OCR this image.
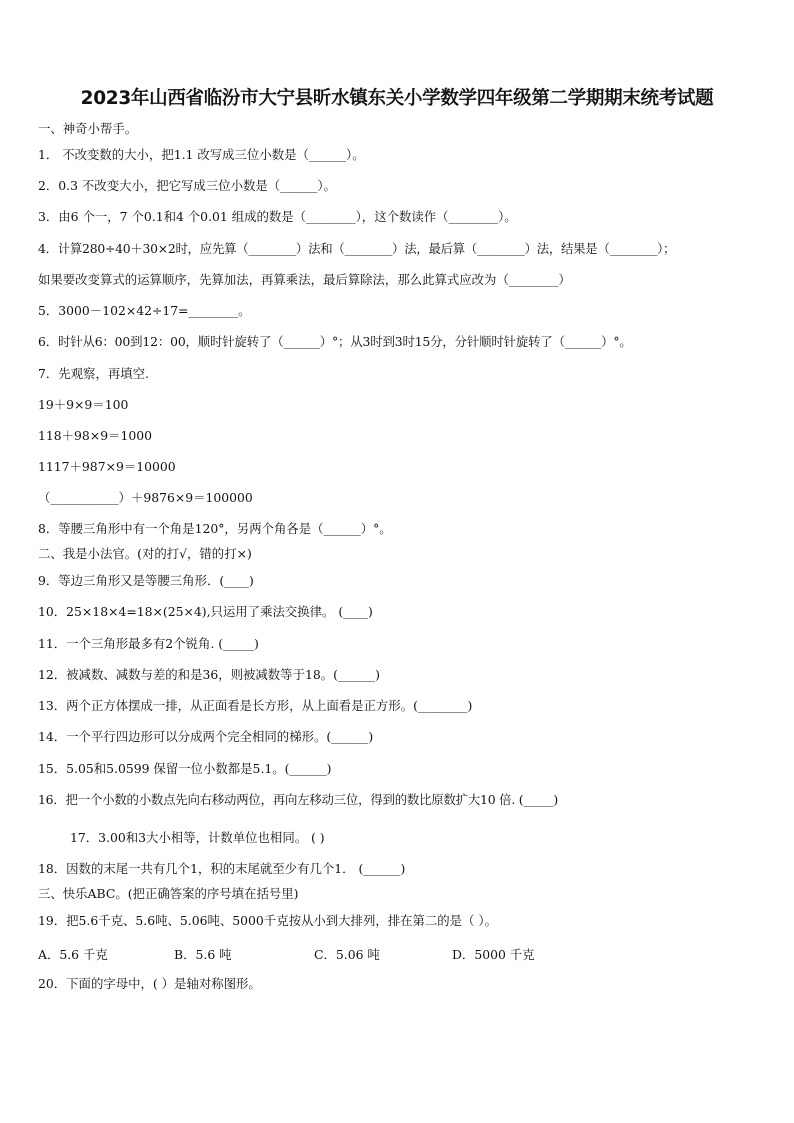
2023年山西省临汾市大宁县昕水镇东关小学数学四年级第二学期期末统考试题
一、神奇小帮手。
1． 不改变数的大小，把1.1 改写成三位小数是（______）。
2．0.3 不改变大小，把它写成三位小数是（______）。
3．由6 个一，7 个0.1和4 个0.01 组成的数是（________），这个数读作（________）。
4．计算280÷40＋30×2时，应先算（________）法和（________）法，最后算（________）法，结果是（________）；
如果要改变算式的运算顺序，先算加法，再算乘法，最后算除法，那么此算式应改为（________）
5．3000－102×42÷17=________。
6．时针从6：00到12：00，顺时针旋转了（______）°；从3时到3时15分，分针顺时针旋转了（______）°。
7．先观察，再填空.
19＋9×9＝100
118＋98×9＝1000
1117＋987×9＝10000
（___________）＋9876×9＝100000
8．等腰三角形中有一个角是120°，另两个角各是（______）°。
二、我是小法官。(对的打√，错的打×)
9．等边三角形又是等腰三角形．(____)
10．25×18×4=18×(25×4),只运用了乘法交换律。 (____)
11．一个三角形最多有2个锐角. (_____)
12．被减数、减数与差的和是36，则被减数等于18。(______)
13．两个正方体摆成一排，从正面看是长方形，从上面看是正方形。(________)
14．一个平行四边形可以分成两个完全相同的梯形。(______)
15．5.05和5.0599 保留一位小数都是5.1。(______)
16．把一个小数的小数点先向右移动两位，再向左移动三位，得到的数比原数扩大10 倍. (_____)
17．3.00和3大小相等，计数单位也相同。 ( )
18．因数的末尾一共有几个1，积的末尾就至少有几个1． (______)
三、快乐ABC。(把正确答案的序号填在括号里)
19．把5.6千克、5.6吨、5.06吨、5000千克按从小到大排列，排在第二的是（ ）。
A．5.6 千克	B．5.6 吨	C．5.06 吨	D．5000 千克
20．下面的字母中，( ）是轴对称图形。
